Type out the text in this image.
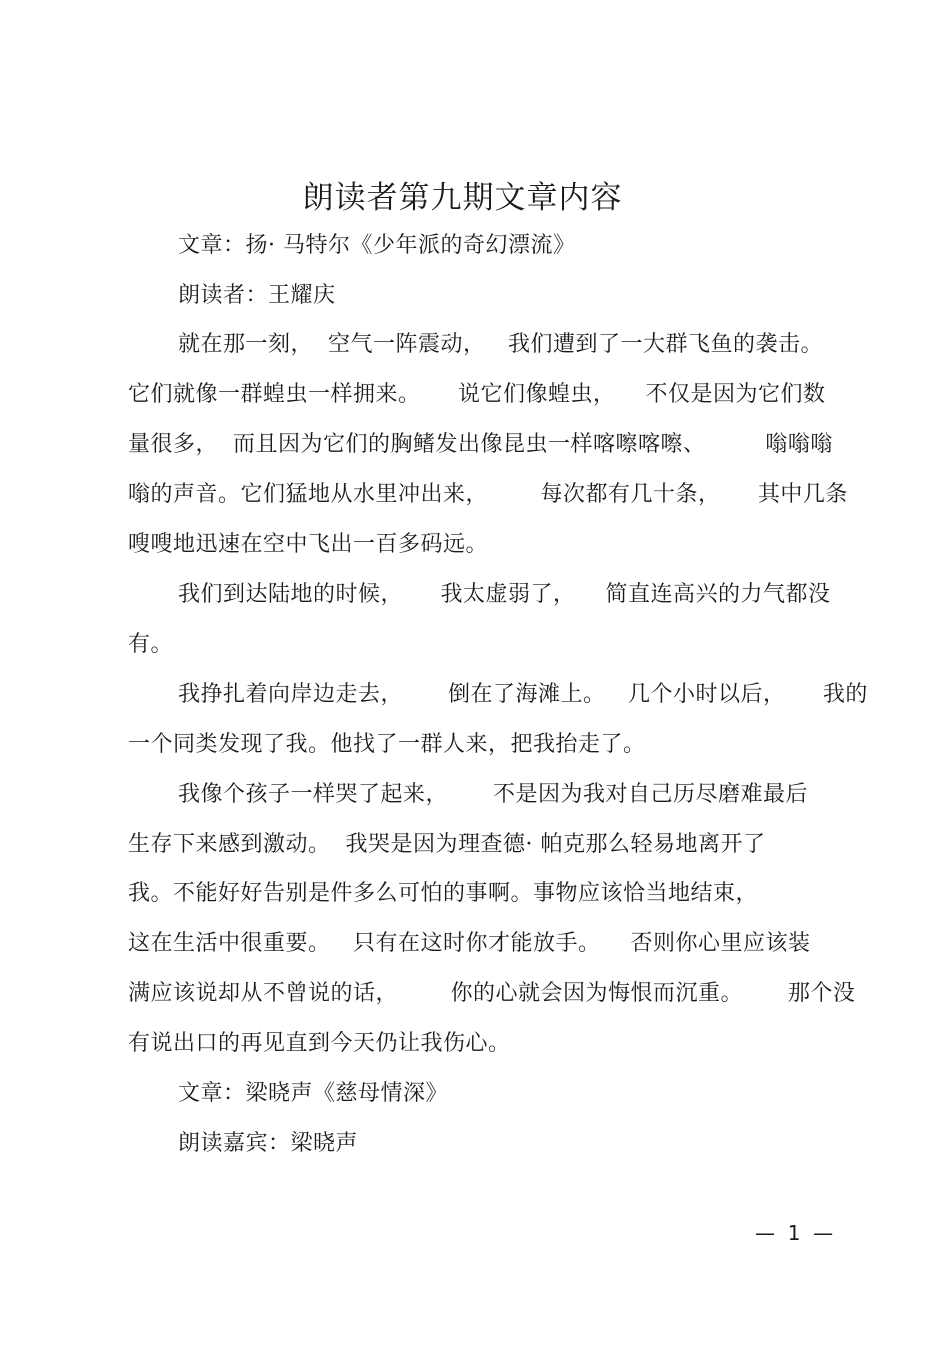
朗读者第九期文章内容
文章：扬· 马特尔《少年派的奇幻漂流》
朗读者：王耀庆
就在那一刻，  空气一阵震动，   我们遭到了一大群飞鱼的袭击。
它们就像一群蝗虫一样拥来。     说它们像蝗虫，    不仅是因为它们数
量很多，  而且因为它们的胸鳍发出像昆虫一样喀嚓喀嚓、        嗡嗡嗡
嗡的声音。它们猛地从水里冲出来，       每次都有几十条，     其中几条
嗖嗖地迅速在空中飞出一百多码远。
我们到达陆地的时候，     我太虚弱了，    简直连高兴的力气都没
有。
我挣扎着向岸边走去，      倒在了海滩上。   几个小时以后，     我的
一个同类发现了我。他找了一群人来，把我抬走了。
我像个孩子一样哭了起来，      不是因为我对自己历尽磨难最后
生存下来感到激动。  我哭是因为理查德· 帕克那么轻易地离开了
我。不能好好告别是件多么可怕的事啊。事物应该恰当地结束，
这在生活中很重要。   只有在这时你才能放手。    否则你心里应该装
满应该说却从不曾说的话，       你的心就会因为悔恨而沉重。      那个没
有说出口的再见直到今天仍让我伤心。
文章：梁晓声《慈母情深》
朗读嘉宾：梁晓声
—  1  —
